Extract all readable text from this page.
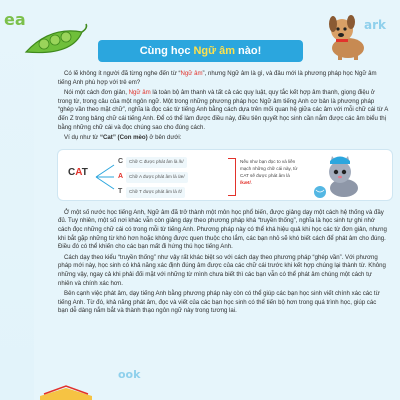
ea	ark
ook
Cùng học Ngữ âm nào!

Có lẽ không ít người đã từng nghe đến từ “Ngữ âm”, nhưng Ngữ âm là gì, và đâu mới là phương pháp học Ngữ âm tiếng Anh phù hợp với trẻ em?

Nói một cách đơn giản, Ngữ âm là toàn bộ âm thanh và tất cả các quy luật, quy tắc kết hợp âm thanh, giọng điệu ở trong từ, trong câu của một ngôn ngữ. Một trong những phương pháp học Ngữ âm tiếng Anh cơ bản là phương pháp “ghép vần theo mặt chữ”, nghĩa là đọc các từ tiếng Anh bằng cách dựa trên mối quan hệ giữa các âm với mỗi chữ cái từ A đến Z trong bảng chữ cái tiếng Anh. Để có thể làm được điều này, điều tiên quyết học sinh cần nắm được các âm biểu thị bằng những chữ cái và đọc chúng sao cho đúng cách.

Ví dụ như từ “Cat” (Con mèo) ở bên dưới:

CAT
C	Chữ C được phát âm là /k/
A	Chữ A được phát âm là /æ/
T	Chữ T được phát âm là /t/
Nếu như bạn đọc to và liền mạch những chữ cái này, từ CAT sẽ được phát âm là /kæt/.

Ở một số nước học tiếng Anh, Ngữ âm đã trở thành một môn học phổ biến, được giảng dạy một cách hệ thống và đầy đủ. Tuy nhiên, một số nơi khác vẫn còn giảng dạy theo phương pháp khá “truyền thống”, nghĩa là học sinh tự ghi nhớ cách đọc những chữ cái có trong mỗi từ tiếng Anh. Phương pháp này có thể khá hiệu quả khi học các từ đơn giản, nhưng khi bắt gặp những từ khó hơn hoặc không được quen thuộc cho lắm, các bạn nhỏ sẽ khó biết cách để phát âm cho đúng. Điều đó có thể khiến cho các bạn mất đi hứng thú học tiếng Anh.

Cách dạy theo kiểu “truyền thống” như vậy rất khác biệt so với cách dạy theo phương pháp “ghép vần”. Với phương pháp mới này, học sinh có khả năng xác định đúng âm được của các chữ cái trước khi kết hợp chúng lại thành từ. Không những vậy, ngay cả khi phải đối mặt với những từ mình chưa biết thì các bạn vẫn có thể phát âm chúng một cách tự nhiên và chính xác hơn.

Bên cạnh việc phát âm, dạy tiếng Anh bằng phương pháp này còn có thể giúp các bạn học sinh viết chính xác các từ tiếng Anh. Từ đó, khả năng phát âm, đọc và viết của các bạn học sinh có thể tiến bộ hơn trong quá trình học, giúp các bạn dễ dàng nắm bắt và thành thạo ngôn ngữ này trong tương lai.
